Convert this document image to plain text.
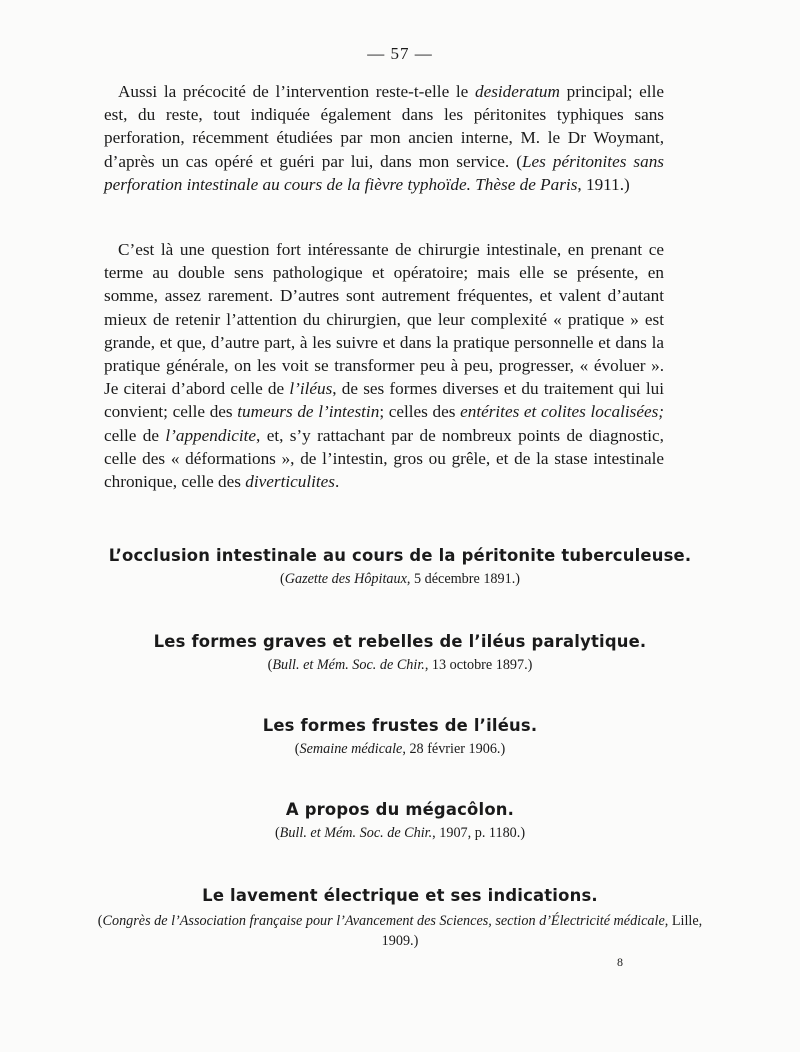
— 57 —

Aussi la précocité de l’intervention reste-t-elle le desideratum principal; elle est, du reste, tout indiquée également dans les péritonites typhiques sans perforation, récemment étudiées par mon ancien interne, M. le Dr Woymant, d’après un cas opéré et guéri par lui, dans mon service. (Les péritonites sans perforation intestinale au cours de la fièvre typhoïde. Thèse de Paris, 1911.)

C’est là une question fort intéressante de chirurgie intestinale, en prenant ce terme au double sens pathologique et opératoire; mais elle se présente, en somme, assez rarement. D’autres sont autrement fréquentes, et valent d’autant mieux de retenir l’attention du chirurgien, que leur complexité « pratique » est grande, et que, d’autre part, à les suivre et dans la pratique personnelle et dans la pratique générale, on les voit se transformer peu à peu, progresser, « évoluer ». Je citerai d’abord celle de l’iléus, de ses formes diverses et du traitement qui lui convient; celle des tumeurs de l’intestin; celles des entérites et colites localisées; celle de l’appendicite, et, s’y rattachant par de nombreux points de diagnostic, celle des « déformations », de l’intestin, gros ou grêle, et de la stase intestinale chronique, celle des diverticulites.

L’occlusion intestinale au cours de la péritonite tuberculeuse.
(Gazette des Hôpitaux, 5 décembre 1891.)
Les formes graves et rebelles de l’iléus paralytique.
(Bull. et Mém. Soc. de Chir., 13 octobre 1897.)
Les formes frustes de l’iléus.
(Semaine médicale, 28 février 1906.)
A propos du mégacôlon.
(Bull. et Mém. Soc. de Chir., 1907, p. 1180.)
Le lavement électrique et ses indications.
(Congrès de l’Association française pour l’Avancement des Sciences, section d’Électricité médicale, Lille, 1909.)
8
